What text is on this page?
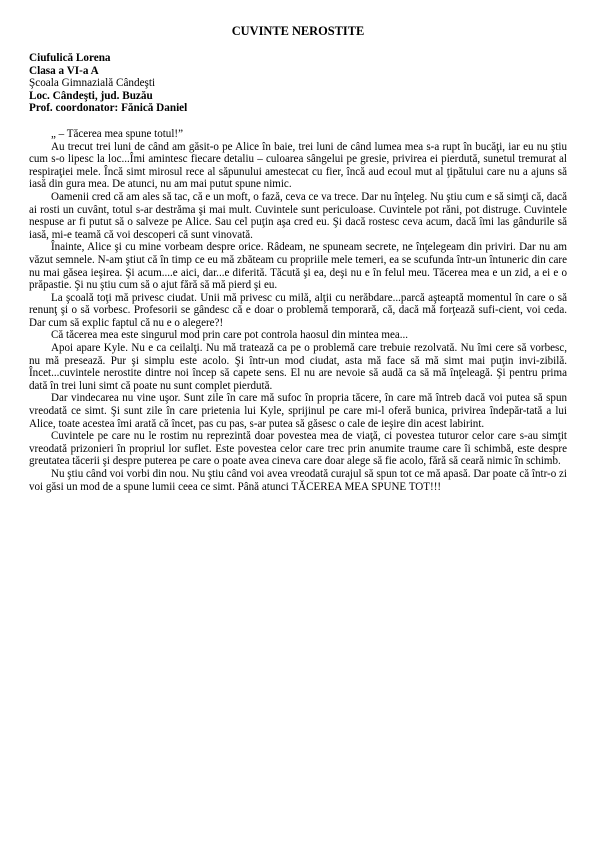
CUVINTE NEROSTITE
Ciufulică Lorena
Clasa a VI-a A
Şcoala Gimnazială Cândeşti
Loc. Cândeşti, jud. Buzău
Prof. coordonator: Fănică Daniel

„ – Tăcerea mea spune totul!”

Au trecut trei luni de când am găsit-o pe Alice în baie, trei luni de când lumea mea s-a rupt în bucăţi, iar eu nu ştiu cum s-o lipesc la loc...Îmi amintesc fiecare detaliu – culoarea sângelui pe gresie, privirea ei pierdută, sunetul tremurat al respiraţiei mele. Încă simt mirosul rece al săpunului amestecat cu fier, încă aud ecoul mut al ţipătului care nu a ajuns să iasă din gura mea. De atunci, nu am mai putut spune nimic.

Oamenii cred că am ales să tac, că e un moft, o fază, ceva ce va trece. Dar nu înţeleg. Nu ştiu cum e să simţi că, dacă ai rosti un cuvânt, totul s-ar destrăma şi mai mult. Cuvintele sunt periculoase. Cuvintele pot răni, pot distruge. Cuvintele nespuse ar fi putut să o salveze pe Alice. Sau cel puţin aşa cred eu. Şi dacă rostesc ceva acum, dacă îmi las gândurile să iasă, mi-e teamă că voi descoperi că sunt vinovată.

Înainte, Alice şi cu mine vorbeam despre orice. Râdeam, ne spuneam secrete, ne înţelegeam din priviri. Dar nu am văzut semnele. N-am ştiut că în timp ce eu mă zbăteam cu propriile mele temeri, ea se scufunda într-un întuneric din care nu mai găsea ieşirea. Şi acum....e aici, dar...e diferită. Tăcută şi ea, deşi nu e în felul meu. Tăcerea mea e un zid, a ei e o prăpastie. Şi nu ştiu cum să o ajut fără să mă pierd şi eu.

La şcoală toţi mă privesc ciudat. Unii mă privesc cu milă, alţii cu nerăbdare...parcă aşteaptă momentul în care o să renunţ şi o să vorbesc. Profesorii se gândesc că e doar o problemă temporară, că, dacă mă forţează sufi-cient, voi ceda. Dar cum să explic faptul că nu e o alegere?!

Că tăcerea mea este singurul mod prin care pot controla haosul din mintea mea...

Apoi apare Kyle. Nu e ca ceilalţi. Nu mă tratează ca pe o problemă care trebuie rezolvată. Nu îmi cere să vorbesc, nu mă presează. Pur şi simplu este acolo. Şi într-un mod ciudat, asta mă face să mă simt mai puţin invi-zibilă. Încet...cuvintele nerostite dintre noi încep să capete sens. El nu are nevoie să audă ca să mă înţeleagă. Şi pentru prima dată în trei luni simt că poate nu sunt complet pierdută.

Dar vindecarea nu vine uşor. Sunt zile în care mă sufoc în propria tăcere, în care mă întreb dacă voi putea să spun vreodată ce simt. Şi sunt zile în care prietenia lui Kyle, sprijinul pe care mi-l oferă bunica, privirea îndepăr-tată a lui Alice, toate acestea îmi arată că încet, pas cu pas, s-ar putea să găsesc o cale de ieşire din acest labirint.

Cuvintele pe care nu le rostim nu reprezintă doar povestea mea de viaţă, ci povestea tuturor celor care s-au simţit vreodată prizonieri în propriul lor suflet. Este povestea celor care trec prin anumite traume care îi schimbă, este despre greutatea tăcerii şi despre puterea pe care o poate avea cineva care doar alege să fie acolo, fără să ceară nimic în schimb.

Nu ştiu când voi vorbi din nou. Nu ştiu când voi avea vreodată curajul să spun tot ce mă apasă. Dar poate că într-o zi voi găsi un mod de a spune lumii ceea ce simt. Până atunci TĂCEREA MEA SPUNE TOT!!!
